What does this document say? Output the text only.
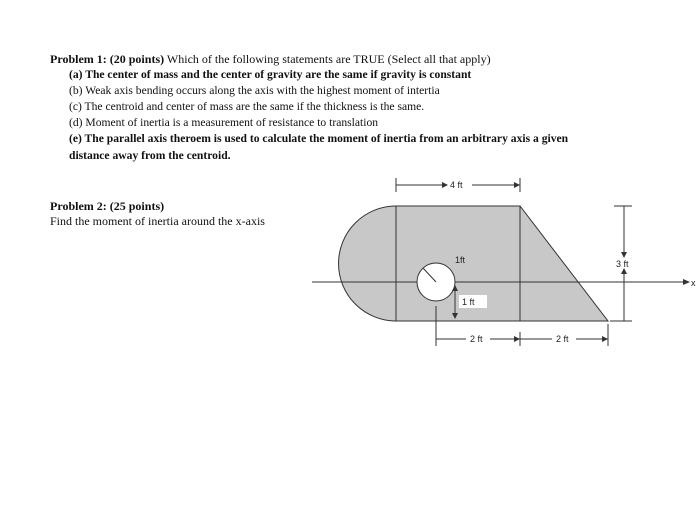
Problem 1: (20 points) Which of the following statements are TRUE (Select all that apply)
(a) The center of mass and the center of gravity are the same if gravity is constant
(b) Weak axis bending occurs along the axis with the highest moment of intertia
(c) The centroid and center of mass are the same if the thickness is the same.
(d) Moment of inertia is a measurement of resistance to translation
(e) The parallel axis theroem is used to calculate the moment of inertia from an arbitrary axis a given
distance away from the centroid.
Problem 2: (25 points)
Find the moment of inertia around the x-axis
x
1ft
1 ft
4 ft
3 ft
2 ft	2 ft
